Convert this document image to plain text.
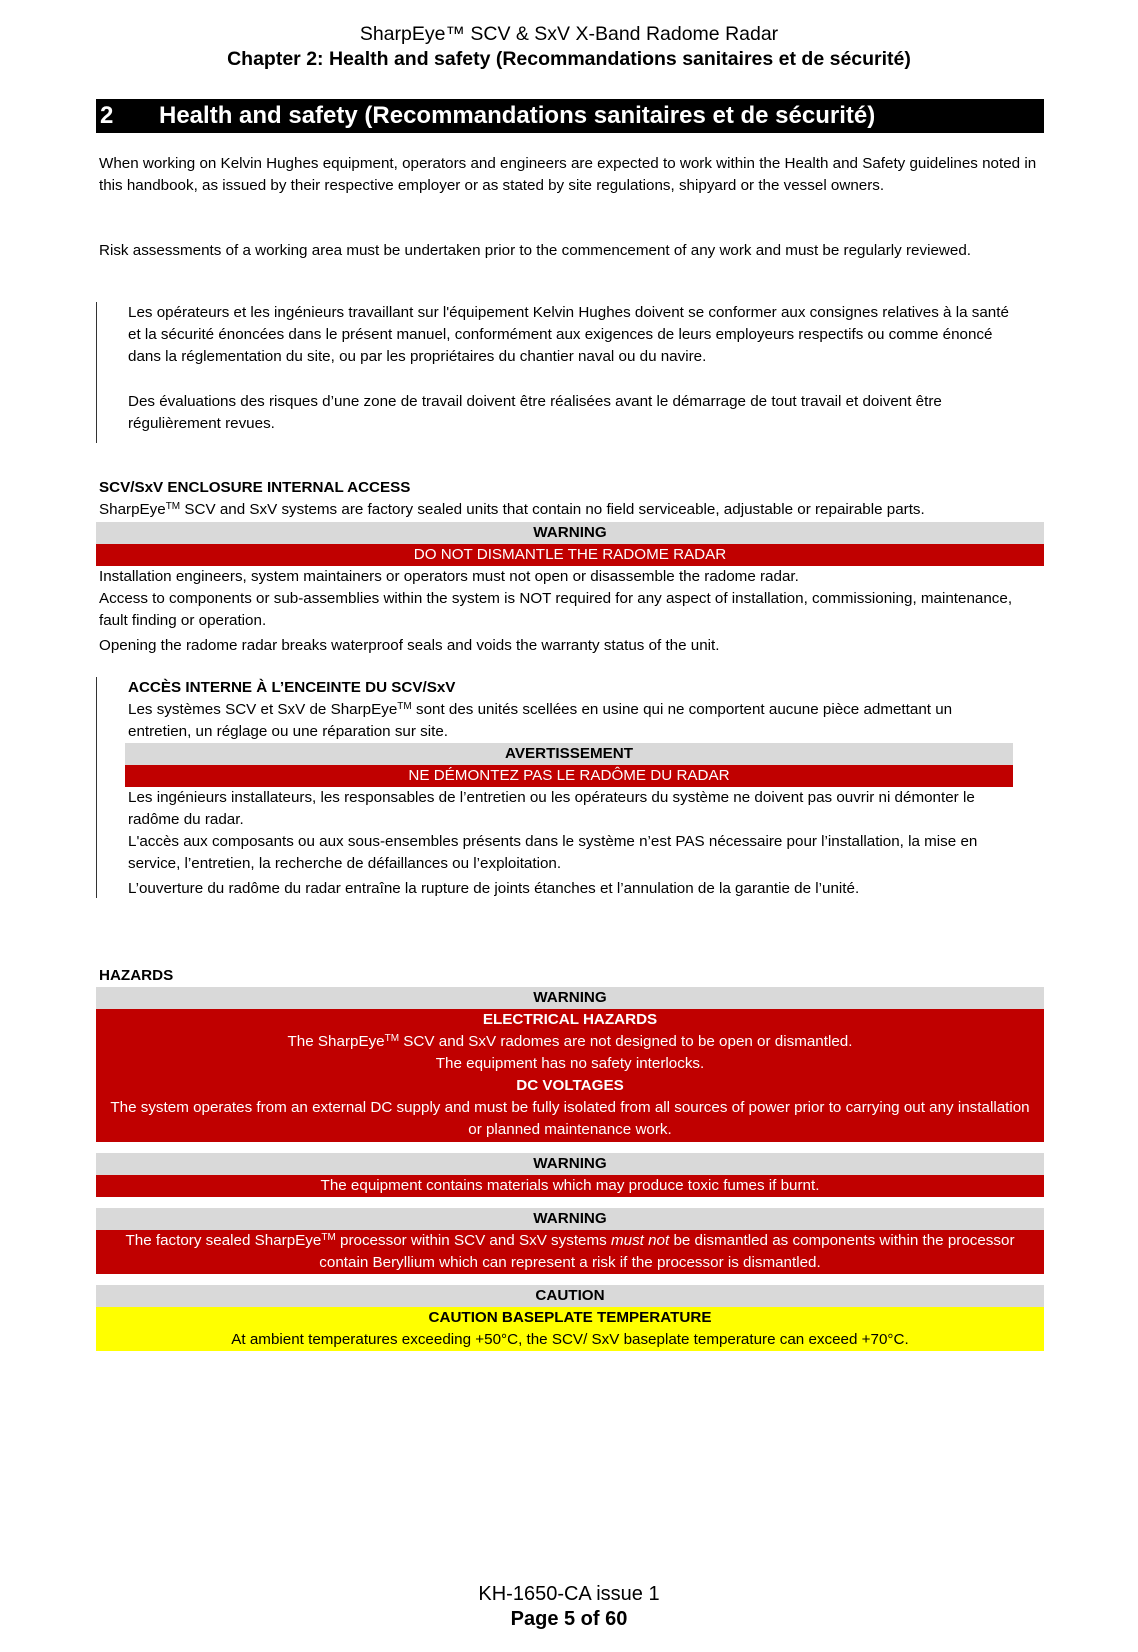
SharpEye™ SCV & SxV X-Band Radome Radar
Chapter 2: Health and safety (Recommandations sanitaires et de sécurité)
2 Health and safety (Recommandations sanitaires et de sécurité)
When working on Kelvin Hughes equipment, operators and engineers are expected to work within the Health and Safety guidelines noted in this handbook, as issued by their respective employer or as stated by site regulations, shipyard or the vessel owners.
Risk assessments of a working area must be undertaken prior to the commencement of any work and must be regularly reviewed.

Les opérateurs et les ingénieurs travaillant sur l'équipement Kelvin Hughes doivent se conformer aux consignes relatives à la santé et la sécurité énoncées dans le présent manuel, conformément aux exigences de leurs employeurs respectifs ou comme énoncé dans la réglementation du site, ou par les propriétaires du chantier naval ou du navire.

Des évaluations des risques d’une zone de travail doivent être réalisées avant le démarrage de tout travail et doivent être régulièrement revues.

SCV/SxV ENCLOSURE INTERNAL ACCESS
SharpEye™ SCV and SxV systems are factory sealed units that contain no field serviceable, adjustable or repairable parts.
WARNING
DO NOT DISMANTLE THE RADOME RADAR
Installation engineers, system maintainers or operators must not open or disassemble the radome radar.
Access to components or sub-assemblies within the system is NOT required for any aspect of installation, commissioning, maintenance, fault finding or operation.
Opening the radome radar breaks waterproof seals and voids the warranty status of the unit.

ACCÈS INTERNE À L’ENCEINTE DU SCV/SxV

Les systèmes SCV et SxV de SharpEye™ sont des unités scellées en usine qui ne comportent aucune pièce admettant un entretien, un réglage ou une réparation sur site.

AVERTISSEMENT
NE DÉMONTEZ PAS LE RADÔME DU RADAR

Les ingénieurs installateurs, les responsables de l’entretien ou les opérateurs du système ne doivent pas ouvrir ni démonter le radôme du radar.

L'accès aux composants ou aux sous-ensembles présents dans le système n’est PAS nécessaire pour l’installation, la mise en service, l’entretien, la recherche de défaillances ou l’exploitation.

L’ouverture du radôme du radar entraîne la rupture de joints étanches et l’annulation de la garantie de l’unité.

HAZARDS
WARNING
ELECTRICAL HAZARDS
The SharpEye™ SCV and SxV radomes are not designed to be open or dismantled.
The equipment has no safety interlocks.
DC VOLTAGES
The system operates from an external DC supply and must be fully isolated from all sources of power prior to carrying out any installation or planned maintenance work.
WARNING
The equipment contains materials which may produce toxic fumes if burnt.
WARNING
The factory sealed SharpEye™ processor within SCV and SxV systems must not be dismantled as components within the processor contain Beryllium which can represent a risk if the processor is dismantled.
CAUTION
CAUTION BASEPLATE TEMPERATURE
At ambient temperatures exceeding +50°C, the SCV/ SxV baseplate temperature can exceed +70°C.
KH-1650-CA issue 1
Page 5 of 60
